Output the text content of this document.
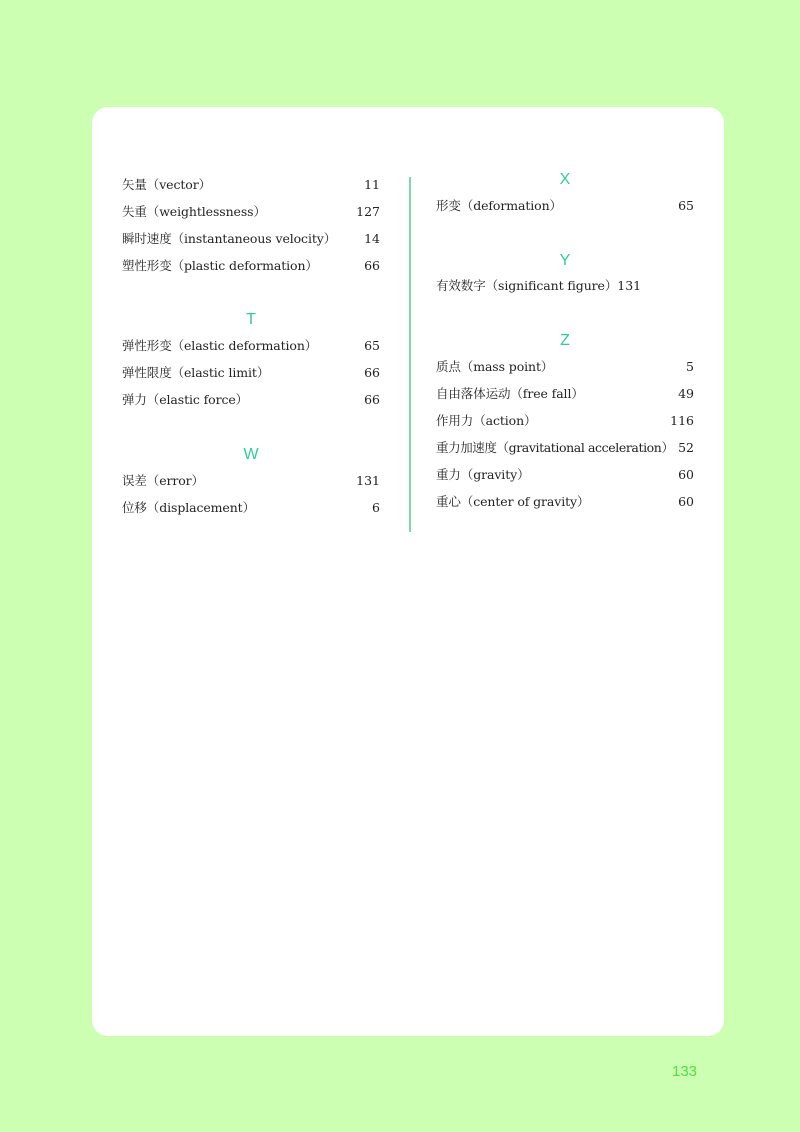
矢量（vector）	11
失重（weightlessness）	127
瞬时速度（instantaneous velocity） 14
塑性形变（plastic deformation）	66
T
弹性形变（elastic deformation）	65
弹性限度（elastic limit）	66
弹力（elastic force）	66
W
误差（error）	131
位移（displacement）	6
X
形变（deformation）	65
Y
有效数字（significant figure） 131
Z
质点（mass point）	5
自由落体运动（free fall）	49
作用力（action）	116
重力加速度（gravitational acceleration） 52
重力（gravity）	60
重心（center of gravity）	60
133
